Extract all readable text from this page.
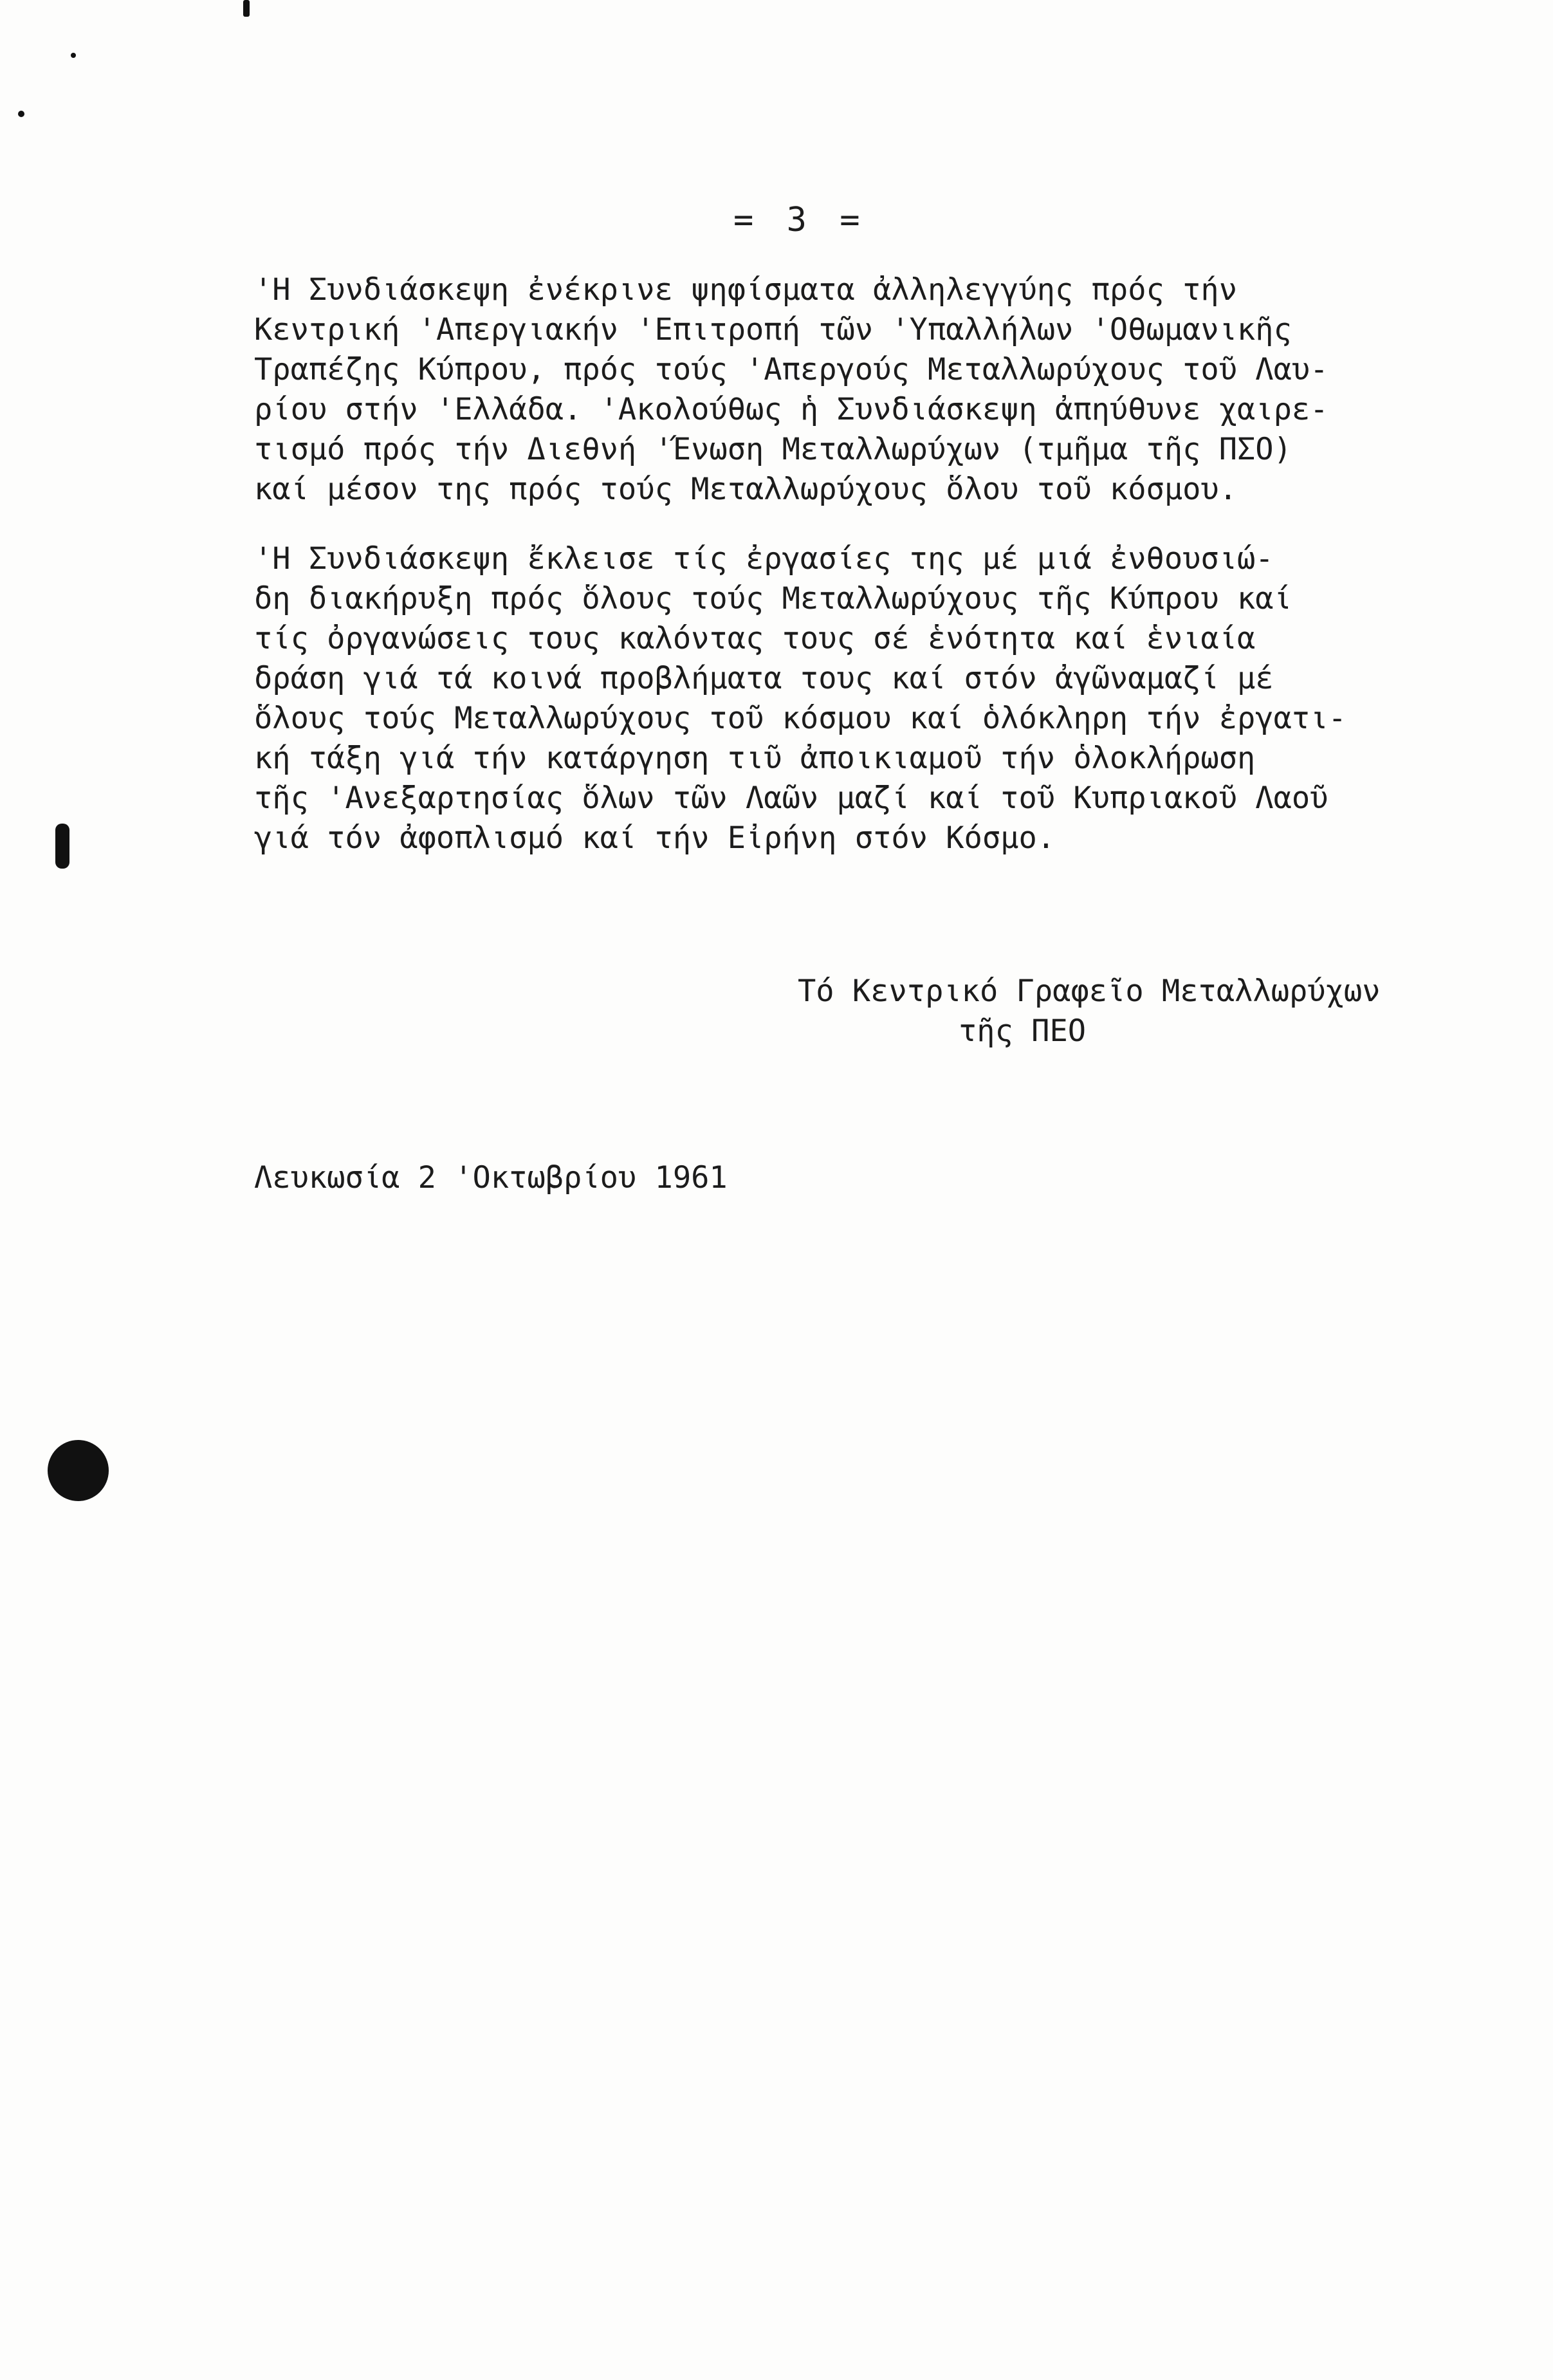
= 3 =
'Η Συνδιάσκεψη ἐνέκρινε ψηφίσματα ἀλληλεγγύης πρός τήν
Κεντρική 'Απεργιακήν 'Επιτροπή τῶν 'Υπαλλήλων 'Οθωμανικῆς
Τραπέζης Κύπρου, πρός τούς 'Απεργούς Μεταλλωρύχους τοῦ Λαυ-
ρίου στήν 'Ελλάδα. 'Ακολούθως ἡ Συνδιάσκεψη ἀπηύθυνε χαιρε-
τισμό πρός τήν Διεθνή 'Ένωση Μεταλλωρύχων (τμῆμα τῆς ΠΣΟ)
καί μέσον της πρός τούς Μεταλλωρύχους ὅλου τοῦ κόσμου.
'Η Συνδιάσκεψη ἔκλεισε τίς ἐργασίες της μέ μιά ἐνθουσιώ-
δη διακήρυξη πρός ὅλους τούς Μεταλλωρύχους τῆς Κύπρου καί
τίς ὀργανώσεις τους καλόντας τους σέ ἑνότητα καί ἑνιαία
δράση γιά τά κοινά προβλήματα τους καί στόν ἀγῶναμαζί μέ
ὅλους τούς Μεταλλωρύχους τοῦ κόσμου καί ὁλόκληρη τήν ἐργατι-
κή τάξη γιά τήν κατάργηση τιῦ ἀποικιαμοῦ τήν ὁλοκλήρωση
τῆς 'Ανεξαρτησίας ὅλων τῶν Λαῶν μαζί καί τοῦ Κυπριακοῦ Λαοῦ
γιά τόν ἀφοπλισμό καί τήν Εἰρήνη στόν Κόσμο.
Τό Κεντρικό Γραφεῖο Μεταλλωρύχων
τῆς ΠΕΟ
Λευκωσία 2 'Οκτωβρίου 1961
